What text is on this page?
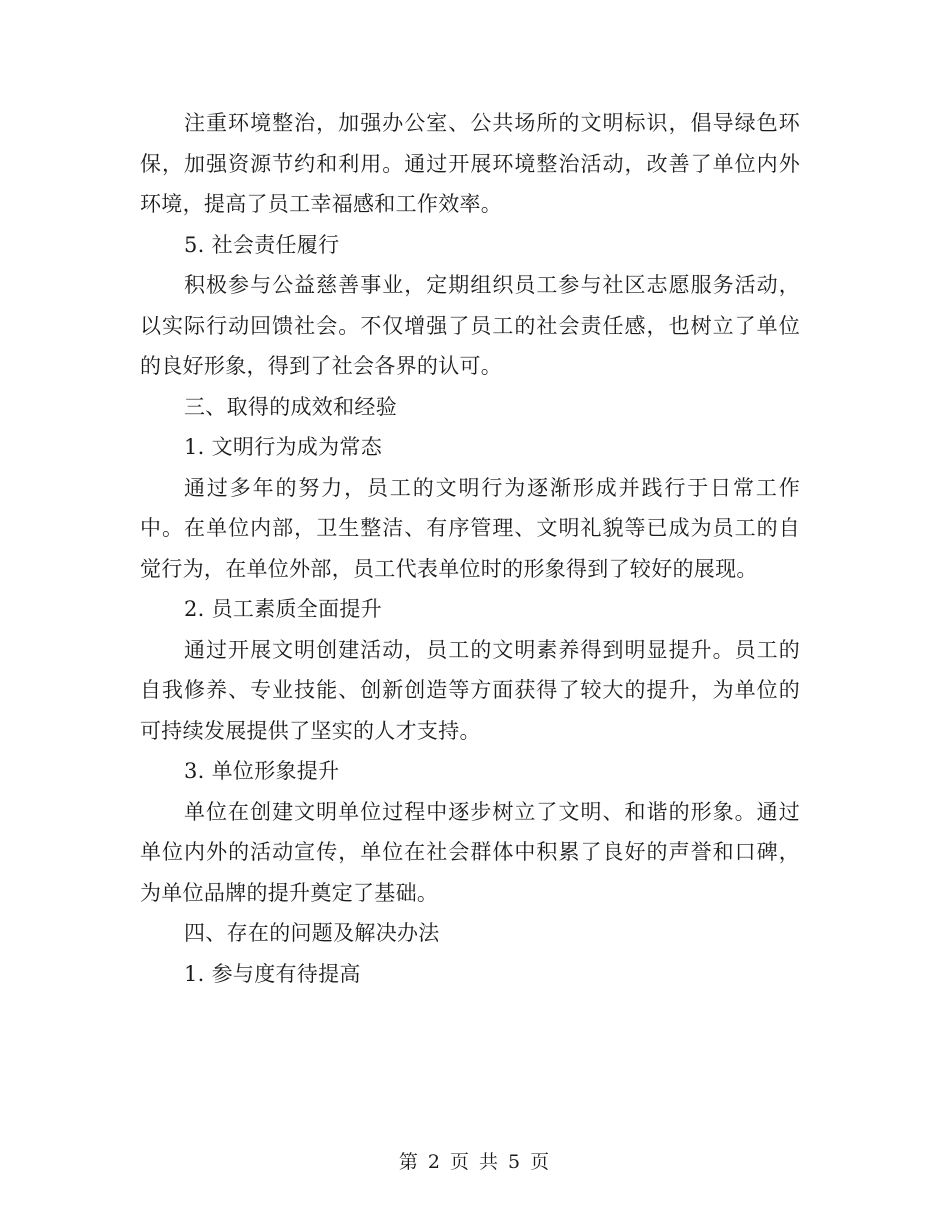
注重环境整治，加强办公室、公共场所的文明标识，倡导绿色环保，加强资源节约和利用。通过开展环境整治活动，改善了单位内外环境，提高了员工幸福感和工作效率。

5. 社会责任履行

积极参与公益慈善事业，定期组织员工参与社区志愿服务活动，以实际行动回馈社会。不仅增强了员工的社会责任感，也树立了单位的良好形象，得到了社会各界的认可。

三、取得的成效和经验

1. 文明行为成为常态

通过多年的努力，员工的文明行为逐渐形成并践行于日常工作中。在单位内部，卫生整洁、有序管理、文明礼貌等已成为员工的自觉行为，在单位外部，员工代表单位时的形象得到了较好的展现。

2. 员工素质全面提升

通过开展文明创建活动，员工的文明素养得到明显提升。员工的自我修养、专业技能、创新创造等方面获得了较大的提升，为单位的可持续发展提供了坚实的人才支持。

3. 单位形象提升

单位在创建文明单位过程中逐步树立了文明、和谐的形象。通过单位内外的活动宣传，单位在社会群体中积累了良好的声誉和口碑，为单位品牌的提升奠定了基础。

四、存在的问题及解决办法

1. 参与度有待提高

第 2 页 共 5 页
